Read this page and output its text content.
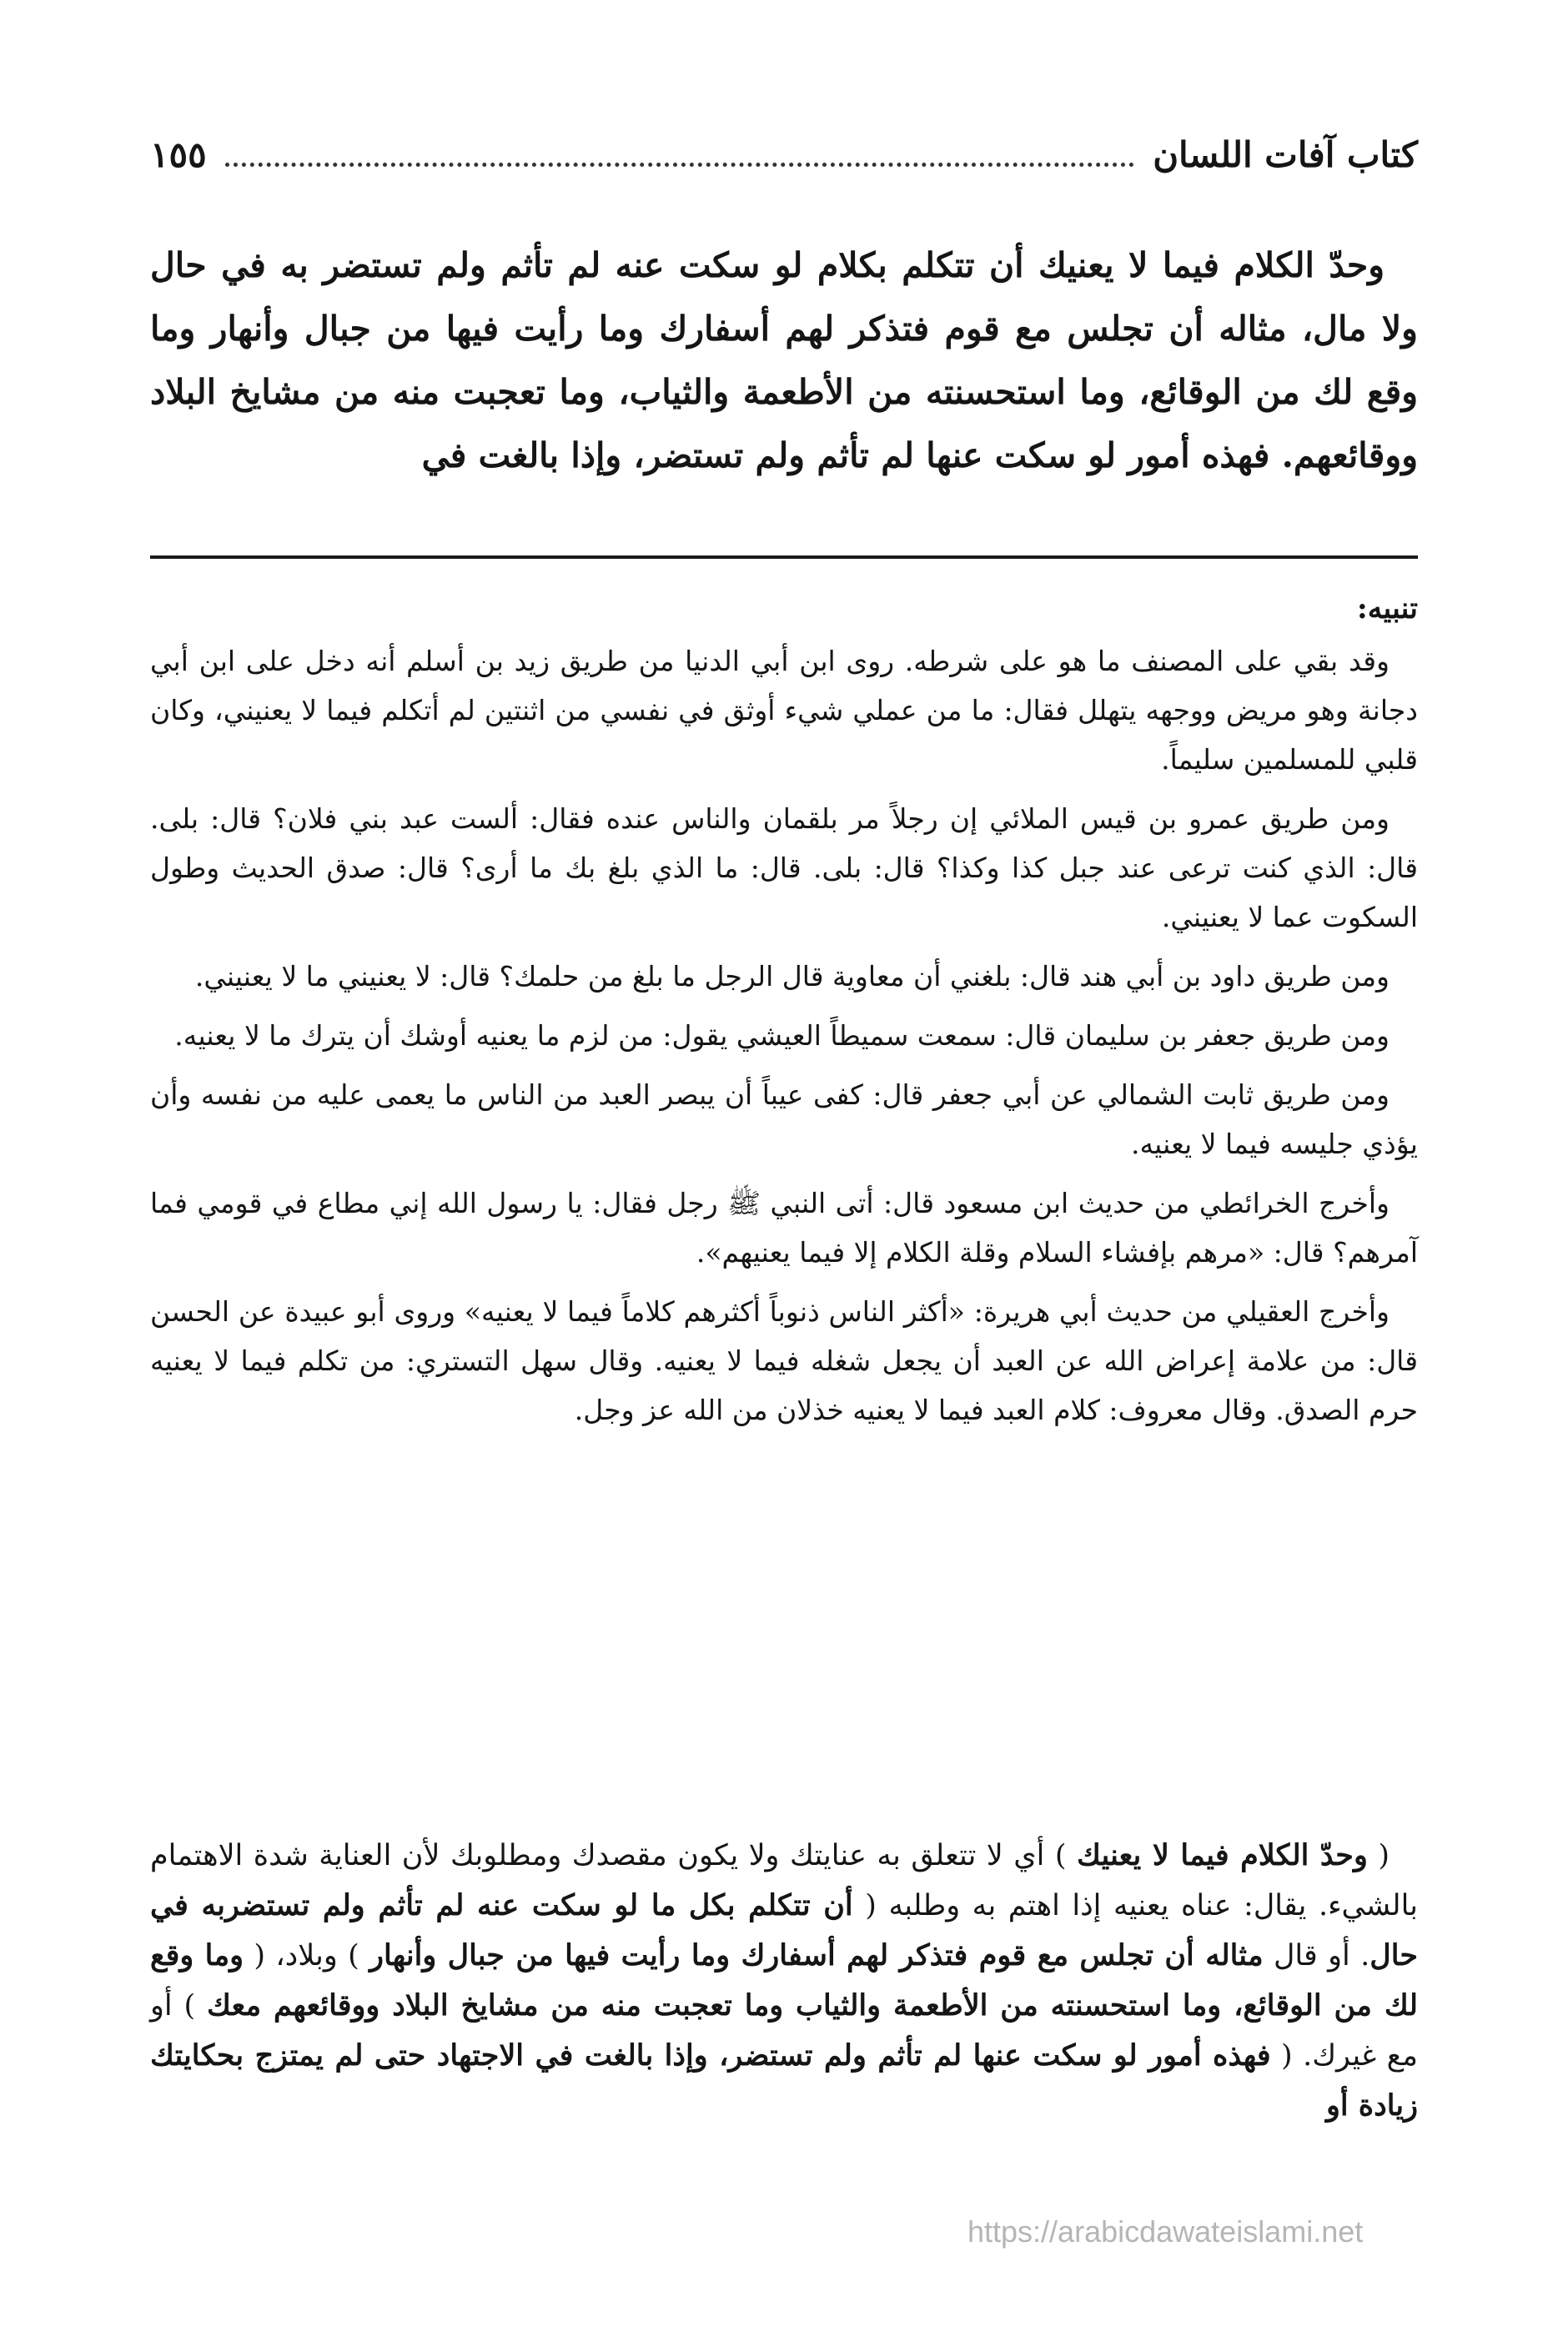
كتاب آفات اللسان
١٥٥

وحدّ الكلام فيما لا يعنيك أن تتكلم بكلام لو سكت عنه لم تأثم ولم تستضر به في حال ولا مال، مثاله أن تجلس مع قوم فتذكر لهم أسفارك وما رأيت فيها من جبال وأنهار وما وقع لك من الوقائع، وما استحسنته من الأطعمة والثياب، وما تعجبت منه من مشايخ البلاد ووقائعهم. فهذه أمور لو سكت عنها لم تأثم ولم تستضر، وإذا بالغت في

تنبيه:

وقد بقي على المصنف ما هو على شرطه. روى ابن أبي الدنيا من طريق زيد بن أسلم أنه دخل على ابن أبي دجانة وهو مريض ووجهه يتهلل فقال: ما من عملي شيء أوثق في نفسي من اثنتين لم أتكلم فيما لا يعنيني، وكان قلبي للمسلمين سليماً.

ومن طريق عمرو بن قيس الملائي إن رجلاً مر بلقمان والناس عنده فقال: ألست عبد بني فلان؟ قال: بلى. قال: الذي كنت ترعى عند جبل كذا وكذا؟ قال: بلى. قال: ما الذي بلغ بك ما أرى؟ قال: صدق الحديث وطول السكوت عما لا يعنيني.

ومن طريق داود بن أبي هند قال: بلغني أن معاوية قال الرجل ما بلغ من حلمك؟ قال: لا يعنيني ما لا يعنيني.

ومن طريق جعفر بن سليمان قال: سمعت سميطاً العيشي يقول: من لزم ما يعنيه أوشك أن يترك ما لا يعنيه.

ومن طريق ثابت الشمالي عن أبي جعفر قال: كفى عيباً أن يبصر العبد من الناس ما يعمى عليه من نفسه وأن يؤذي جليسه فيما لا يعنيه.

وأخرج الخرائطي من حديث ابن مسعود قال: أتى النبي ﷺ رجل فقال: يا رسول الله إني مطاع في قومي فما آمرهم؟ قال: «مرهم بإفشاء السلام وقلة الكلام إلا فيما يعنيهم».

وأخرج العقيلي من حديث أبي هريرة: «أكثر الناس ذنوباً أكثرهم كلاماً فيما لا يعنيه» وروى أبو عبيدة عن الحسن قال: من علامة إعراض الله عن العبد أن يجعل شغله فيما لا يعنيه. وقال سهل التستري: من تكلم فيما لا يعنيه حرم الصدق. وقال معروف: كلام العبد فيما لا يعنيه خذلان من الله عز وجل.

( وحدّ الكلام فيما لا يعنيك ) أي لا تتعلق به عنايتك ولا يكون مقصدك ومطلوبك لأن العناية شدة الاهتمام بالشيء. يقال: عناه يعنيه إذا اهتم به وطلبه ( أن تتكلم بكل ما لو سكت عنه لم تأثم ولم تستضربه في حال. أو قال مثاله أن تجلس مع قوم فتذكر لهم أسفارك وما رأيت فيها من جبال وأنهار ) وبلاد، ( وما وقع لك من الوقائع، وما استحسنته من الأطعمة والثياب وما تعجبت منه من مشايخ البلاد ووقائعهم معك ) أو مع غيرك. ( فهذه أمور لو سكت عنها لم تأثم ولم تستضر، وإذا بالغت في الاجتهاد حتى لم يمتزج بحكايتك زيادة أو

https://arabicdawateislami.net
